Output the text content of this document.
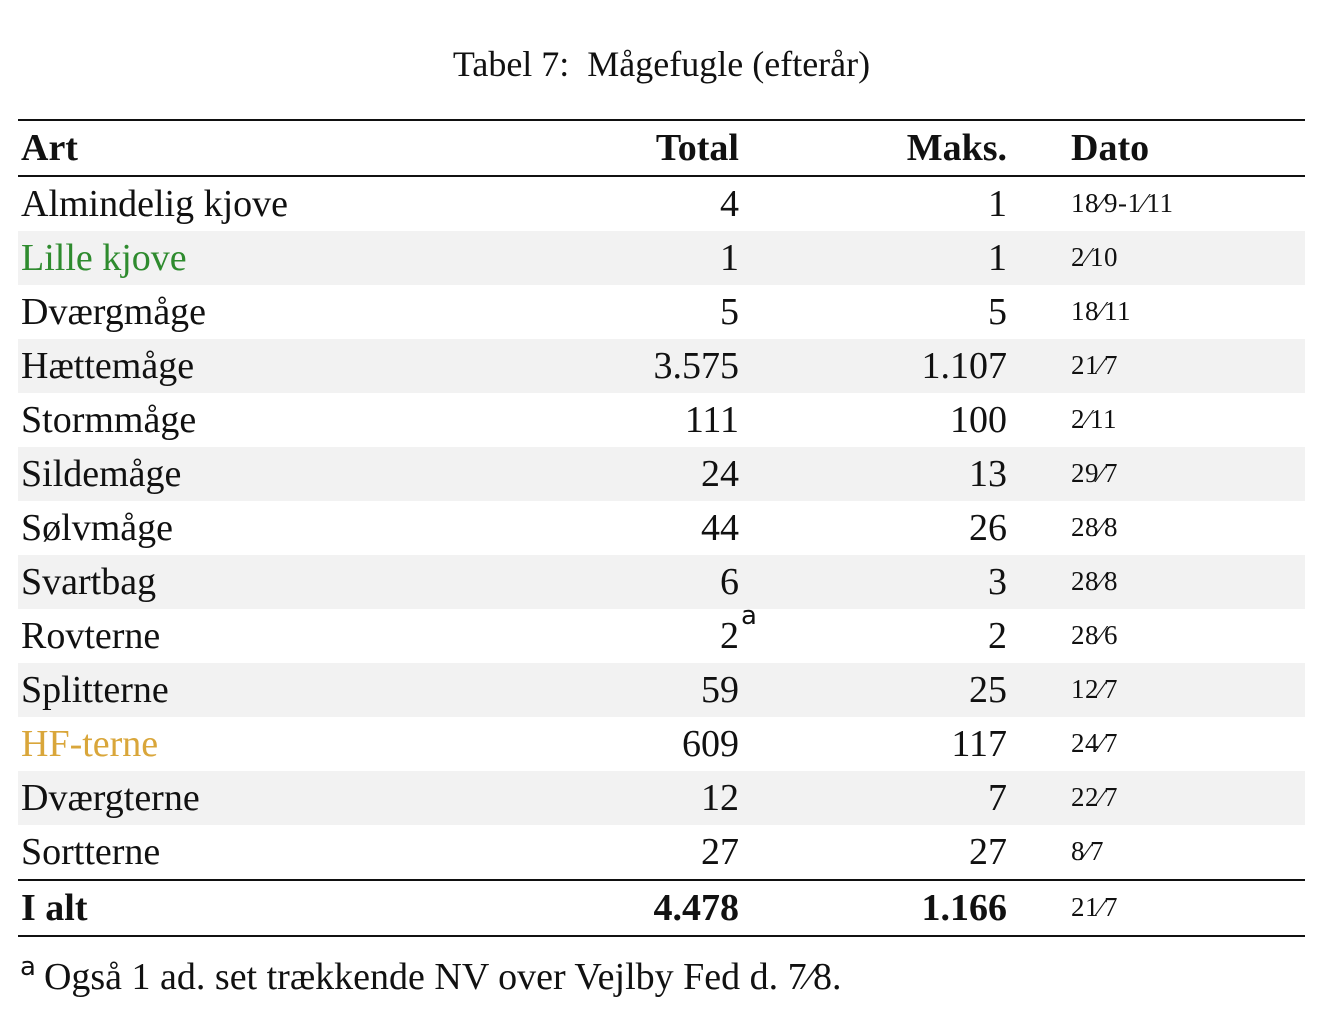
Tabel 7: Mågefugle (efterår)
Art	Total	Maks.	Dato
Almindelig kjove	4	1	18⁄9-1⁄11
Lille kjove	1	1	2⁄10
Dværgmåge	5	5	18⁄11
Hættemåge	3.575	1.107	21⁄7
Stormmåge	111	100	2⁄11
Sildemåge	24	13	29⁄7
Sølvmåge	44	26	28⁄8
Svartbag	6	3	28⁄8
Rovterne	2 a	2	28⁄6
Splitterne	59	25	12⁄7
HF-terne	609	117	24⁄7
Dværgterne	12	7	22⁄7
Sortterne	27	27	8⁄7
I alt	4.478	1.166	21⁄7
$^a$ Også 1 ad. set trækkende NV over Vejlby Fed d. 7⁄8.
